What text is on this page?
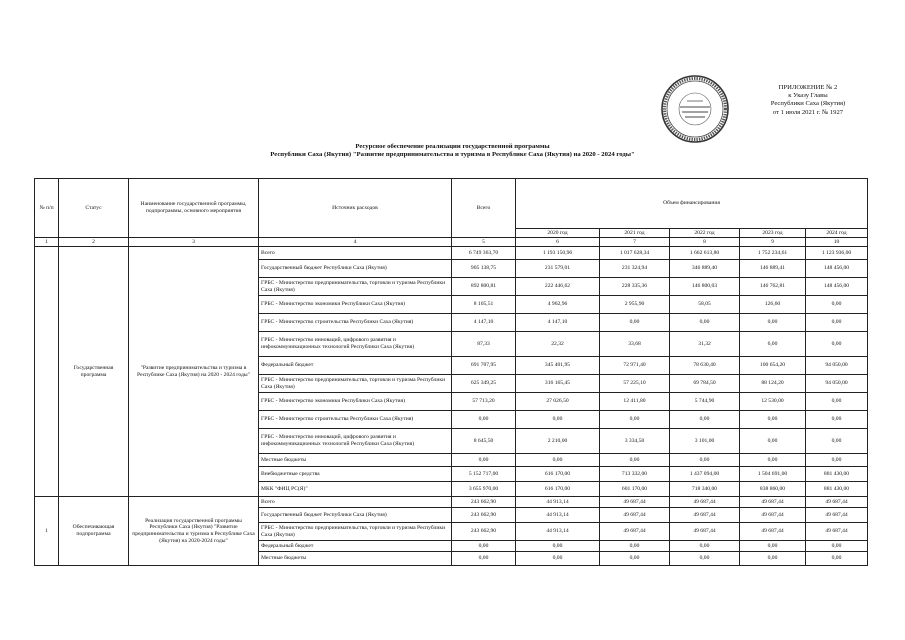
ПРИЛОЖЕНИЕ № 2
к Указу Главы
Республики Саха (Якутия)
от 1 июля 2021 г. № 1927
Ресурсное обеспечение реализации государственной программы
Республики Саха (Якутия) "Развитие предпринимательства и туризма в Республике Саха (Якутия) на 2020 - 2024 годы"
№ п/п	Статус	Наименование государственной программы, подпрограммы, основного мероприятия	Источник расходов	Всего	Объем финансирования				
					2020 год	2021 год	2022 год	2023 год	2024 год
1	2	3	4	5	6	7	8	9	10
	Государственная программа	"Развитие предпринимательства и туризма в Республике Саха (Якутия) на 2020 - 2024 годы"	Всего	6 749 363,70	1 193 150,96	1 017 628,34	1 662 613,80	1 752 234,61	1 123 936,00
			Государственный бюджет Республики Саха (Якутия)	905 138,75	231 579,01	231 324,94	346 889,40	146 889,41	148 456,00
			ГРБС - Министерство предпринимательства, торговли и туризма Республики Саха (Якутия)	892 800,81	222 446,62	228 335,36	146 800,03	146 762,81	148 456,00
			ГРБС - Министерство экономики Республики Саха (Якутия)	8 105,51	4 962,96	2 955,90	58,05	126,60	0,00
			ГРБС - Министерство строительства Республики Саха (Якутия)	4 147,10	4 147,10	0,00	0,00	0,00	0,00
			ГРБС - Министерство инноваций, цифрового развития и инфокоммуникационных технологий Республики Саха (Якутия)	87,33	22,32	33,68	31,32	6,00	0,00
			Федеральный бюджет	691 707,95	345 401,95	72 971,40	78 630,40	100 654,20	94 050,00
			ГРБС - Министерство предпринимательства, торговли и туризма Республики Саха (Якутия)	625 349,25	316 165,45	57 225,10	69 784,50	88 124,20	94 050,00
			ГРБС - Министерство экономики Республики Саха (Якутия)	57 713,20	27 026,50	12 411,80	5 744,90	12 530,00	0,00
			ГРБС - Министерство строительства Республики Саха (Якутия)	0,00	0,00	0,00	0,00	0,00	0,00
			ГРБС - Министерство инноваций, цифрового развития и инфокоммуникационных технологий Республики Саха (Якутия)	8 645,50	2 210,00	3 334,50	3 101,00	0,00	0,00
			Местные бюджеты	0,00	0,00	0,00	0,00	0,00	0,00
			Внебюджетные средства	5 152 717,00	616 170,00	713 332,00	1 437 094,00	1 504 691,00	881 430,00
			МКК "ФИЦ РС(Я)"	3 655 970,00	616 170,00	601 170,00	718 340,00	838 860,00	881 430,00
1	Обеспечивающая подпрограмма	Реализация государственной программы Республики Саха (Якутия) "Развитие предпринимательства и туризма в Республике Саха (Якутия) на 2020-2024 годы"	Всего	243 662,90	44 913,14	49 687,44	49 687,44	49 687,44	49 687,44
			Государственный бюджет Республики Саха (Якутия)	243 662,90	44 913,14	49 687,44	49 687,44	49 687,44	49 687,44
			ГРБС - Министерство предпринимательства, торговли и туризма Республики Саха (Якутия)	243 662,90	44 913,14	49 687,44	49 687,44	49 687,44	49 687,44
			Федеральный бюджет	0,00	0,00	0,00	0,00	0,00	0,00
			Местные бюджеты	0,00	0,00	0,00	0,00	0,00	0,00
